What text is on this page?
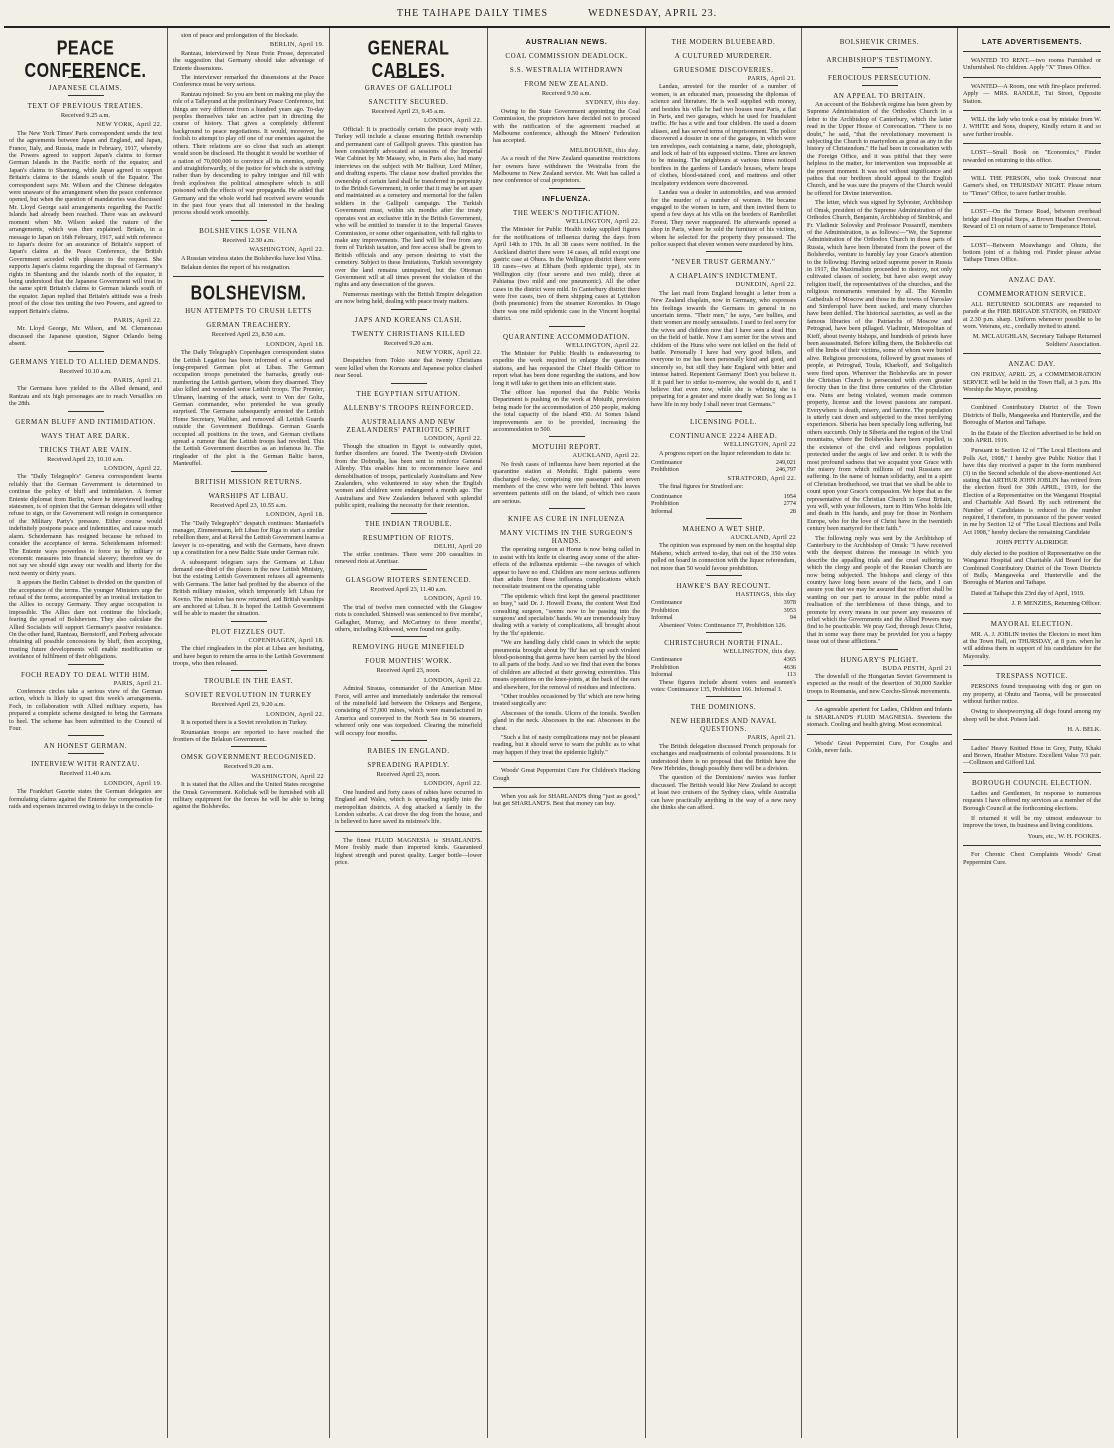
THE TAIHAPE DAILY TIMES	WEDNESDAY, APRIL 23.
PEACE CONFERENCE.
JAPANESE CLAIMS.
TEXT OF PREVIOUS TREATIES.
Received 9.25 a.m.
NEW YORK, April 22.

The New York Times' Paris correspondent sends the text of the agreements between Japan and England, and Japan, France, Italy, and Russia, made in February, 1917, whereby the Powers agreed to support Japan's claims to former German Islands in the Pacific north of the equator, and Japan's claims to Shantung, while Japan agreed to support Britain's claims to the islands south of the Equator. The correspondent says Mr. Wilson and the Chinese delegates were unaware of the arrangement when the peace conference opened, but when the question of mandatories was discussed Mr. Lloyd George said arrangements regarding the Pacific Islands had already been reached. There was an awkward moment when Mr. Wilson asked the nature of the arrangements, which was then explained. Britain, in a message to Japan on 16th February, 1917, said with reference to Japan's desire for an assurance of Britain's support of Japan's claims at the Peace Conference, the British Government acceded with pleasure to the request. She supports Japan's claims regarding the disposal of Germany's rights in Shantung and the islands north of the equator, it being understood that the Japanese Government will treat in the same spirit Britain's claims to German islands south of the equator. Japan replied that Britain's attitude was a fresh proof of the close ties uniting the two Powers, and agreed to support Britain's claims.

PARIS, April 22.

Mr. Lloyd George, Mr. Wilson, and M. Clemenceau discussed the Japanese question, Signor Orlando being absent.

GERMANS YIELD TO ALLIED DEMANDS.
Received 10.10 a.m.
PARIS, April 21.

The Germans have yielded to the Allied demand, and Rantzau and six high personages are to reach Versailles on the 28th.

GERMAN BLUFF AND INTIMIDATION.
WAYS THAT ARE DARK.
TRICKS THAT ARE VAIN.
Received April 23, 10.10 a.m.
LONDON, April 22.

The "Daily Telegraph's" Geneva correspondent learns reliably that the German Government is determined to continue the policy of bluff and intimidation. A former Entente diplomat from Berlin, where he interviewed leading statesmen, is of opinion that the German delegates will either refuse to sign, or the Government will resign in consequence of the Military Party's pressure. Either course would indefinitely postpone peace and indemnities, and cause much alarm. Scheidemann has resigned because he refused to consider the acceptance of terms. Scheidemann informed: The Entente ways powerless to force us by military or economic measures into financial slavery; therefore we do not say we should sign away our wealth and liberty for the next twenty or thirty years.

It appears the Berlin Cabinet is divided on the question of the acceptance of the terms. The younger Ministers urge the refusal of the terms, accompanied by an ironical invitation to the Allies to occupy Germany. They argue occupation is impossible. The Allies dare not continue the blockade, fearing the spread of Bolshevism. They also calculate the Allied Socialists will support Germany's passive resistance. On the other hand, Rantzau, Bernstorff, and Ferberg advocate obtaining all possible concessions by bluff, then accepting, trusting future developments will enable modification or avoidance of fulfilment of their obligations.

FOCH READY TO DEAL WITH HIM.
PARIS, April 21.

Conference circles take a serious view of the German action, which is likely to upset this week's arrangements. Foch, in collaboration with Allied military experts, has prepared a complete scheme designed to bring the Germans to heel. The scheme has been submitted to the Council of Four.

AN HONEST GERMAN.
INTERVIEW WITH RANTZAU.
Received 11.40 a.m.
LONDON, April 19.

The Frankfurt Gazette states the German delegates are formulating claims against the Entente for compensation for raids and expenses incurred owing to delays in the conclu-

sion of peace and prolongation of the blockade.

BERLIN, April 19.

Rantzau, interviewed by Neue Freie Presse, deprecated the suggestion that Germany should take advantage of Entente dissensions.

The interviewer remarked the dissensions at the Peace Conference must be very serious.

Rantzau rejoined: So you are bent on making me play the role of a Talleyrand at the preliminary Peace Conference, but things are very different from a hundred years ago. To-day peoples themselves take an active part in directing the course of history. That gives a completely different background to peace negotiations. It would, moreover, be foolish to attempt to play off one of our enemies against the others. Their relations are so close that such an attempt would soon be disclosed. He thought it would be worthier of a nation of 70,000,000 to convince all its enemies, openly and straightforwardly, of the justice for which she is striving rather than by descending to paltry intrigue and fill with fresh explosives the political atmosphere which is still poisoned with the effects of war propaganda. He added that Germany and the whole world had received severe wounds in the past four years that all interested in the healing process should work smoothly.

BOLSHEVIKS LOSE VILNA
Received 12.30 a.m.
WASHINGTON, April 22.

A Russian wireless states the Bolsheviks have lost Vilna.

Belakun denies the report of his resignation.

BOLSHEVISM.
HUN ATTEMPTS TO CRUSH LETTS
GERMAN TREACHERY.
Received April 23, 8.50 a.m.
LONDON, April 18.

The Daily Telegraph's Copenhagen correspondent states the Lettish Legation has been informed of a serious and long-prepared German plot at Libau. The German occupation troops penetrated the barracks, greatly out-numbering the Lettish garrison, whom they disarmed. They also killed and wounded some Lettish troops. The Premier, Ulmann, learning of the attack, went to Von der Goltz, German commander, who pretended he was greatly surprised. The Germans subsequently arrested the Lettish Home Secretary, Walther, and removed all Lettish Guards outside the Government Buildings. German Guards occupied all positions in the town, and German civilians spread a rumour that the Lettish troops had revolted. This the Lettish Government describes as an infamous lie. The ringleader of the plot is the German Baltic baron, Manteuffel.

BRITISH MISSION RETURNS.
WARSHIPS AT LIBAU.
Received April 23, 10.55 a.m.
LONDON, April 18.

The "Daily Telegraph's" despatch continues: Mantaefel's manager, Zimmermann, left Libau for Riga to start a similar rebellion there, and at Reval the Lettish Government learns a lawyer is co-operating, and with the Germans, have drawn up a constitution for a new Baltic State under German rule.

A subsequent telegram says the Germans at Libau demand one-third of the places in the new Lettish Ministry, but the existing Lettish Government refuses all agreements with Germans. The latter had profited by the absence of the British military mission, which temporarily left Libau for Kovno. The mission has now returned, and British warships are anchored at Libau. It is hoped the Lettish Government will be able to master the situation.

PLOT FIZZLES OUT.
COPENHAGEN, April 18.

The chief ringleaders in the plot at Libau are hesitating, and have begun to return the arms to the Lettish Government troops, who then released.

TROUBLE IN THE EAST.
SOVIET REVOLUTION IN TURKEY
Received April 23, 9.20 a.m.
LONDON, April 22.

It is reported there is a Soviet revolution in Turkey.

Roumanian troops are reported to have reached the frontiers of the Belakun Government.

OMSK GOVERNMENT RECOGNISED.
Received 9.20 a.m.
WASHINGTON, April 22

It is stated that the Allies and the United States recognise the Omsk Government. Koltchak will be furnished with all military equipment for the forces he will be able to bring against the Bolsheviks.

GENERAL CABLES.
GRAVES OF GALLIPOLI
SANCTITY SECURED.
Received April 23, 9.45 a.m.
LONDON, April 22.

Official: It is practically certain the peace treaty with Turkey will include a clause ensuring British ownership and permanent care of Gallipoli graves. This question has been consistently advocated at sessions of the Imperial War Cabinet by Mr Massey, who, in Paris also, had many interviews on the subject with Mr Balfour, Lord Milner, and drafting experts. The clause now drafted provides the ownership of certain land shall be transferred in perpetuity to the British Government, in order that it may be set apart and maintained as a cemetery and memorial for the fallen soldiers in the Gallipoli campaign. The Turkish Government must, within six months after the treaty operates vest an exclusive title in the British Government, who will be entitled to transfer it to the Imperial Graves Commission, or some other organisation, with full rights to make any improvements. The land will be free from any form of Turkish taxation, and free access shall be given to British officials and any person desiring to visit the cemetery. Subject to these limitations, Turkish sovereignty over the land remains unimpaired, but the Ottoman Government will at all times prevent the violation of the rights and any desecration of the graves.

Numerous meetings with the British Empire delegation are now being held, dealing with peace treaty matters.

JAPS AND KOREANS CLASH.
TWENTY CHRISTIANS KILLED
Received 9.20 a.m.
NEW YORK, April 22.

Despatches from Tokio state that twenty Christians were killed when the Koreans and Japanese police clashed near Seoul.

THE EGYPTIAN SITUATION.
ALLENBY'S TROOPS REINFORCED.
AUSTRALIANS AND NEW ZEALANDERS' PATRIOTIC SPIRIT
LONDON, April 22.

Though the situation in Egypt is outwardly quiet, further disorders are feared. The Twenty-sixth Division from the Dobrudja, has been sent to reinforce General Allenby. This enables him to recommence leave and demobilisation of troops, particularly Australians and New Zealanders, who volunteered to stay when the English women and children were endangered a month ago. The Australians and New Zealanders behaved with splendid public spirit, realising the necessity for their retention.

THE INDIAN TROUBLE.
RESUMPTION OF RIOTS.
DELHI, April 20

The strike continues. There were 200 casualties in renewed riots at Amritsar.

GLASGOW RIOTERS SENTENCED.
Received April 23, 11.40 a.m.
LONDON, April 19.

The trial of twelve men connected with the Glasgow riots is concluded. Shinwell was sentenced to five months', Gallagher, Murray, and McCartney to three months', others, including Kirkwood, were found not guilty.

REMOVING HUGE MINEFIELD
FOUR MONTHS' WORK.
Received April 23, noon.
LONDON, April 22.

Admiral Strauss, commander of the American Mine Force, will arrive and immediately undertake the removal of the minefield laid between the Orkneys and Bergene, consisting of 57,000 mines, which were manufactured in America and conveyed to the North Sea in 56 steamers, whereof only one was torpedoed. Clearing the minefield will occupy four months.

RABIES IN ENGLAND.
SPREADING RAPIDLY.
Received April 23, noon.
LONDON, April 22.

One hundred and forty cases of rabies have occurred in England and Wales, which is spreading rapidly into the metropolitan districts. A dog attacked a family in the London suburbs. A cat drove the dog from the house, and is believed to have saved its mistress's life.

The finest FLUID MAGNESIA is SHARLAND'S. More freshly made than imported kinds. Guaranteed highest strength and purest quality. Larger bottle—lower price.

AUSTRALIAN NEWS.
COAL COMMISSION DEADLOCK.
S.S. WESTRALIA WITHDRAWN
FROM NEW ZEALAND.
Received 9.50 a.m.
SYDNEY, this day.

Owing to the State Government appointing the Coal Commission, the proprietors have decided not to proceed with the ratification of the agreement reached at Melbourne conference, although the Miners' Federation has accepted.

MELBOURNE, this day.

As a result of the New Zealand quarantine restrictions her owners have withdrawn the Westralia from the Melbourne to New Zealand service. Mr. Watt has called a new conference of coal proprietors.

INFLUENZA.
THE WEEK'S NOTIFICATION.
WELLINGTON, April 22.

The Minister for Public Health today supplied figures for the notifications of influenza during the days from April 14th to 17th. In all 38 cases were notified. In the Auckland district there were 14 cases, all mild except one gastric case at Ohura. In the Wellington district there were 18 cases—two at Eltham (both epidemic type), six in Wellington city (four severe and two mild), three at Pahiatua (two mild and one pneumonic). All the other cases in the district were mild. In Canterbury district there were five cases, two of them shipping cases at Lyttelton (both pneumonic) from the steamer Koromiko. In Otago there was one mild epidemic case in the Vincent hospital district.

QUARANTINE ACCOMMODATION.
WELLINGTON, April 22.

The Minister for Public Health is endeavouring to expedite the work required to enlarge the quarantine stations, and has requested the Chief Health Officer to report what has been done regarding the stations, and how long it will take to get them into an efficient state.

The officer has reported that the Public Works Department is pushing on the work at Motuihi, provision being made for the accommodation of 250 people, making the total capacity of the island 450. At Somes Island improvements are to be provided, increasing the accommodation to 500.

MOTUIHI REPORT.
AUCKLAND, April 22.

No fresh cases of influenza have been reported at the quarantine station at Motuihi. Eight patients were discharged to-day, comprising one passenger and seven members of the crew who were left behind. This leaves seventeen patients still on the island, of which two cases are serious.

KNIFE AS CURE IN INFLUENZA
MANY VICTIMS IN THE SURGEON'S HANDS.

The operating surgeon at Home is now being called in to assist with his knife in clearing away some of the after-effects of the influenza epidemic —the ravages of which appear to have no end. Children are more serious sufferers than adults from these influenza complications which necessitate treatment on the operating table

"The epidemic which first kept the general practitioner so busy," said Dr. J. Howell Evans, the content West End consulting surgeon, "seems now to be passing into the surgeons' and specialists' hands. We are tremendously busy dealing with a variety of complications, all brought about by the 'flu' epidemic.

"We are handling daily child cases in which the septic pneumonia brought about by 'flu' has set up such virulent blood-poisoning that germs have been carried by the blood to all parts of the body. And so we find that even the bones of children are affected at their growing extremities. This means operations on the knee-joints, at the back of the ears and elsewhere, for the removal of residues and infections.

"Other troubles occasioned by 'flu' which are now being treated surgically are:

Abscesses of the tonsils. Ulcers of the tonsils. Swollen gland in the neck. Abscesses in the ear. Abscesses in the chest.

"Such a list of nasty complications may not be pleasant reading, but it should serve to warn the public as to what may happen if they treat the epidemic lightly."

Woods' Great Peppermint Cure For Children's Hacking Cough

When you ask for SHARLAND'S thing "just as good," but get SHARLAND'S. Best that money can buy.

THE MODERN BLUEBEARD.
A CULTURED MURDERER.
GRUESOME DISCOVERIES.
PARIS, April 21.

Landau, arrested for the murder of a number of women, is an educated man, possessing the diplomas of science and literature. He is well supplied with money, and besides his villa he had two houses near Paris, a flat in Paris, and two garages, which he used for fraudulent traffic. He has a wife and four children. He used a dozen aliases, and has served terms of imprisonment. The police discovered a dossier in one of the garages, in which were ten envelopes, each containing a name, date, photograph, and lock of hair of his supposed victims. Three are known to be missing. The neighbours at various times noticed bonfires in the gardens of Landau's houses, where heaps of clothes, blood-stained cord, and mattress and other inculpatory evidences were discovered.

Landau was a dealer in automobiles, and was arrested for the murder of a number of women. He became engaged to the women in turn, and then invited them to spend a few days at his villa on the borders of Rambrillet Forest. They never reappeared. He afterwards opened a shop in Paris, where he sold the furniture of his victims, whom he selected for the property they possessed. The police suspect that eleven women were murdered by him.

"NEVER TRUST GERMANY."
A CHAPLAIN'S INDICTMENT.
DUNEDIN, April 22.

The last mail from England brought a letter from a New Zealand chaplain, now in Germany, who expresses his feelings towards the Germans in general in no uncertain terms. "Their men," he says, "are bullies, and their women are mostly sensualists. I used to feel sorry for the wives and children now that I have seen a dead Hun on the field of battle. Now I am sorrier for the wives and children of the Huns who were not killed on the field of battle. Personally I have had very good billets, and everyone to me has been personally kind and good, and sincerely so, but still they hate England with bitter and intense hatred. Repentent Germany! Don't you believe it. If it paid her to strike to-morrow, she would do it, and I believe that even now, while she is whining she is preparing for a greater and more deadly war. So long as I have life in my body I shall never trust Germans."

LICENSING POLL.
CONTINUANCE 2224 AHEAD.
WELLINGTON, April 22

A progress report on the liquor referendum to date is:

Continuance	249,021
Prohibition	246,797
STRATFORD, April 22.

The final figures for Stratford are:

Continuance	1954
Prohibition	2774
Informal	28
MAHENO A WET SHIP.
AUCKLAND, April 22

The opinion was expressed by men on the hospital ship Maheno, which arrived to-day, that out of the 350 votes polled on board in connection with the liquor referendum, not more than 50 would favour prohibition.

HAWKE'S BAY RECOUNT.
HASTINGS, this day
Continuance	3978
Prohibition	3953
Informal	94

Absentees' Votes: Continuance 77, Prohibition 126.

CHRISTCHURCH NORTH FINAL.
WELLINGTON, this day.
Continuance	4365
Prohibition	4636
Informal	113

These figures include absent voters and seamen's votes: Continuance 135, Prohibition 166. Informal 3.

THE DOMINIONS.
NEW HEBRIDES AND NAVAL QUESTIONS.
PARIS, April 21.

The British delegation discussed French proposals for exchanges and readjustments of colonial possessions. It is understood there is no proposal that the British have the New Hebrides, though possibly there will be a division.

The question of the Dominions' navies was further discussed. The British would like New Zealand to accept at least two cruisers of the Sydney class, while Australia can have practically anything in the way of a new navy she thinks she can afford.

BOLSHEVIK CRIMES.
ARCHBISHOP'S TESTIMONY.
FEROCIOUS PERSECUTION.
AN APPEAL TO BRITAIN.

An account of the Bolshevik regime has been given by Supreme Administration of the Orthodox Church in a letter to the Archbishop of Canterbury, which the latter read in the Upper House of Convocation. "There is no doubt," he said, "that the revolutionary movement is subjecting the Church to martyrdom as great as any in the history of Christendom." He had been in consultation with the Foreign Office, and it was pitiful that they were helpless in the matter, for intervention was impossible at the present moment. It was not without significance and pathos that our brethren should appeal to the English Church, and he was sure the prayers of the Church would be offered for Divine intervention.

The letter, which was signed by Sylvester, Archbishop of Omsk, president of the Supreme Administration of the Orthodox Church, Benjamin, Archbishop of Simbirsk, and Fr. Vladimir Solovsky and Professor Possareff, members of the Administration, is as follows:—"We, the Supreme Administration of the Orthodox Church in those parts of Russia, which have been liberated from the power of the Bolsheviks, venture to humbly lay your Grace's attention to the following: Having seized supreme power in Russia in 1917, the Maximalists proceeded to destroy, not only cultivated classes of society, but have also swept away religion itself, the representatives of the churches, and the religious monuments venerated by all. The Kremlin Cathedrals of Moscow and those in the towns of Yaroslav and Simferopol have been sacked, and many churches have been defiled. The historical sacristies, as well as the famous libraries of the Patriarchs of Moscow and Petrograd, have been pillaged. Vladimir, Metropolitan of Kieff, about twenty bishops, and hundreds of priests have been assassinated. Before killing them, the Bolsheviks cut off the limbs of their victims, some of whom were buried alive. Religious processions, followed by great masses of people, at Petrograd, Toula, Kharkoff, and Soligalitch were fired upon. Wherever the Bolsheviks are in power the Christian Church is persecuted with even greater ferocity than in the first three centuries of the Christian era. Nuns are being violated, women made common property, license and the lowest passions are rampant. Everywhere is death, misery, and famine. The population is utterly cast down and subjected to the most terrifying experiences. Siberia has been specially long suffering, but others succumb. Only in Siberia and the region of the Ural mountains, where the Bolsheviks have been expelled, is the existence of the civil and religious population protected under the aegis of law and order. It is with the most profound sadness that we acquaint your Grace with the misery from which millions of real Russians are suffering. In the name of human solidarity, and in a spirit of Christian brotherhood, we trust that we shall be able to count upon your Grace's compassion. We hope that as the representative of the Christian Church in Great Britain, you will, with your followers, turn to Him Who holds life and death in His hands, and pray for those in Northern Europe, who for the love of Christ have in the twentieth century been martyred for their faith."

The following reply was sent by the Archbishop of Canterbury to the Archbishop of Omsk: "I have received with the deepest distress the message in which you describe the appalling trials and the cruel suffering to which the clergy and people of the Russian Church are now being subjected. The bishops and clergy of this country have long been aware of the facts, and I can assure you that we may be assured that no effort shall be wanting on our part to arouse in the public mind a realisation of the terribleness of these things, and to promote by every means in our power any measures of relief which the Governments and the Allied Powers may find to be practicable. We pray God, through Jesus Christ, that in some way there may be provided for you a happy issue out of these afflictions."

HUNGARY'S PLIGHT.
BUDA PESTH, April 21

The downfall of the Hungarian Soviet Government is expected as the result of the desertion of 30,000 Szekler troops to Roumania, and new Czecho-Slovak movements.

An agreeable aperient for Ladies, Children and Infants is SHARLAND'S FLUID MAGNESIA. Sweetens the stomach. Cooling and health giving. Most economical.

Woods' Great Peppermint Cure, For Coughs and Colds, never fails.

LATE ADVERTISEMENTS.

WANTED TO RENT.—two rooms Furnished or Unfurnished. No children. Apply "X" Times Office.

WANTED—A Room, one with fire-place preferred. Apply — MRS. RANDLE, Tui Street, Opposite Station.

WILL the lady who took a coat by mistake from W. J. WHITE and Sons, drapery, Kindly return it and so save further trouble.

LOST—Small Book on "Economics," Finder rewarded on returning to this office.

WILL THE PERSON, who took Overcoat near Garner's shed, on THURSDAY NIGHT. Please return to "Times" Office, to save further trouble.

LOST—On the Terrace Road, between overhead bridge and Hospital Steps, a Brown Heather Overcoat. Reward of £1 on return of same to Temperance Hotel.

LOST—Between Moawhango and Ohutu, the bottom joint of a fishing rod. Finder please advise Taihape Times Office.

ANZAC DAY.
COMMEMORATION SERVICE.

ALL RETURNED SOLDIERS are requested to parade at the FIRE BRIGADE STATION, on FRIDAY at 2.30 p.m. sharp. Uniform whenever possible to be worn. Veterans, etc., cordially invited to attend.

M. MCLAUGHLAN, Secretary Taihape Returned Soldiers' Association.
ANZAC DAY.

ON FRIDAY, APRIL 25, a COMMEMORATION SERVICE will be held in the Town Hall, at 3 p.m. His Worship the Mayor, presiding.

Combined Contributory District of the Town Districts of Bulls, Mangaweka and Hunterville, and the Boroughs of Marton and Taihape.

In the Estate of the Election advertised to be held on 30th APRIL 1919.

Pursuant to Section 12 of "The Local Elections and Polls Act, 1908," I hereby give Public Notice that I have this day received a paper in the form numbered (3) in the Second schedule of the above-mentioned Act stating that ARTHUR JOHN JOBLIN has retired from the election fixed for 30th APRIL, 1919, for the Election of a Representative on the Wanganui Hospital and Charitable Aid Board. By such retirement the Number of Candidates is reduced to the number required, I therefore, in pursuance of the power vested in me by Section 12 of "The Local Elections and Polls Act 1908," hereby declare the remaining Candidate

JOHN PETTY ALDRIDGE

duly elected to the position of Representative on the Wanganui Hospital and Charitable Aid Board for the Combined Contributory District of the Town Districts of Bulls, Mangaweka and Hunterville and the Boroughs of Marton and Taihape.

Dated at Taihape this 23rd day of April, 1919.

J. P. MENZIES, Returning Officer.
MAYORAL ELECTION.

MR. A. J. JOBLIN invites the Electors to meet him at the Town Hall, on THURSDAY, at 8 p.m. when he will address them in support of his candidature for the Mayoralty.

TRESPASS NOTICE.

PERSONS found trespassing with dog or gun on my property, at Ohutu and Taorea, will be prosecuted without further notice.

Owing to sheepworrying all dogs found among my sheep will be shot. Poison laid.

H. A. BELK.

Ladies' Heavy Knitted Hose in Grey, Putty, Khaki and Brown, Heather Mixture. Excellent Value 7/3 pair.—Collinson and Gifford Ltd.

BOROUGH COUNCIL ELECTION.

Ladies and Gentlemen, In response to numerous requests I have offered my services as a member of the Borough Council at the forthcoming elections.

If returned it will be my utmost endeavour to improve the town, its business and living conditions.

Yours, etc., W. H. FOOKES.

For Chronic Chest Complaints Woods' Great Peppermint Cure.
